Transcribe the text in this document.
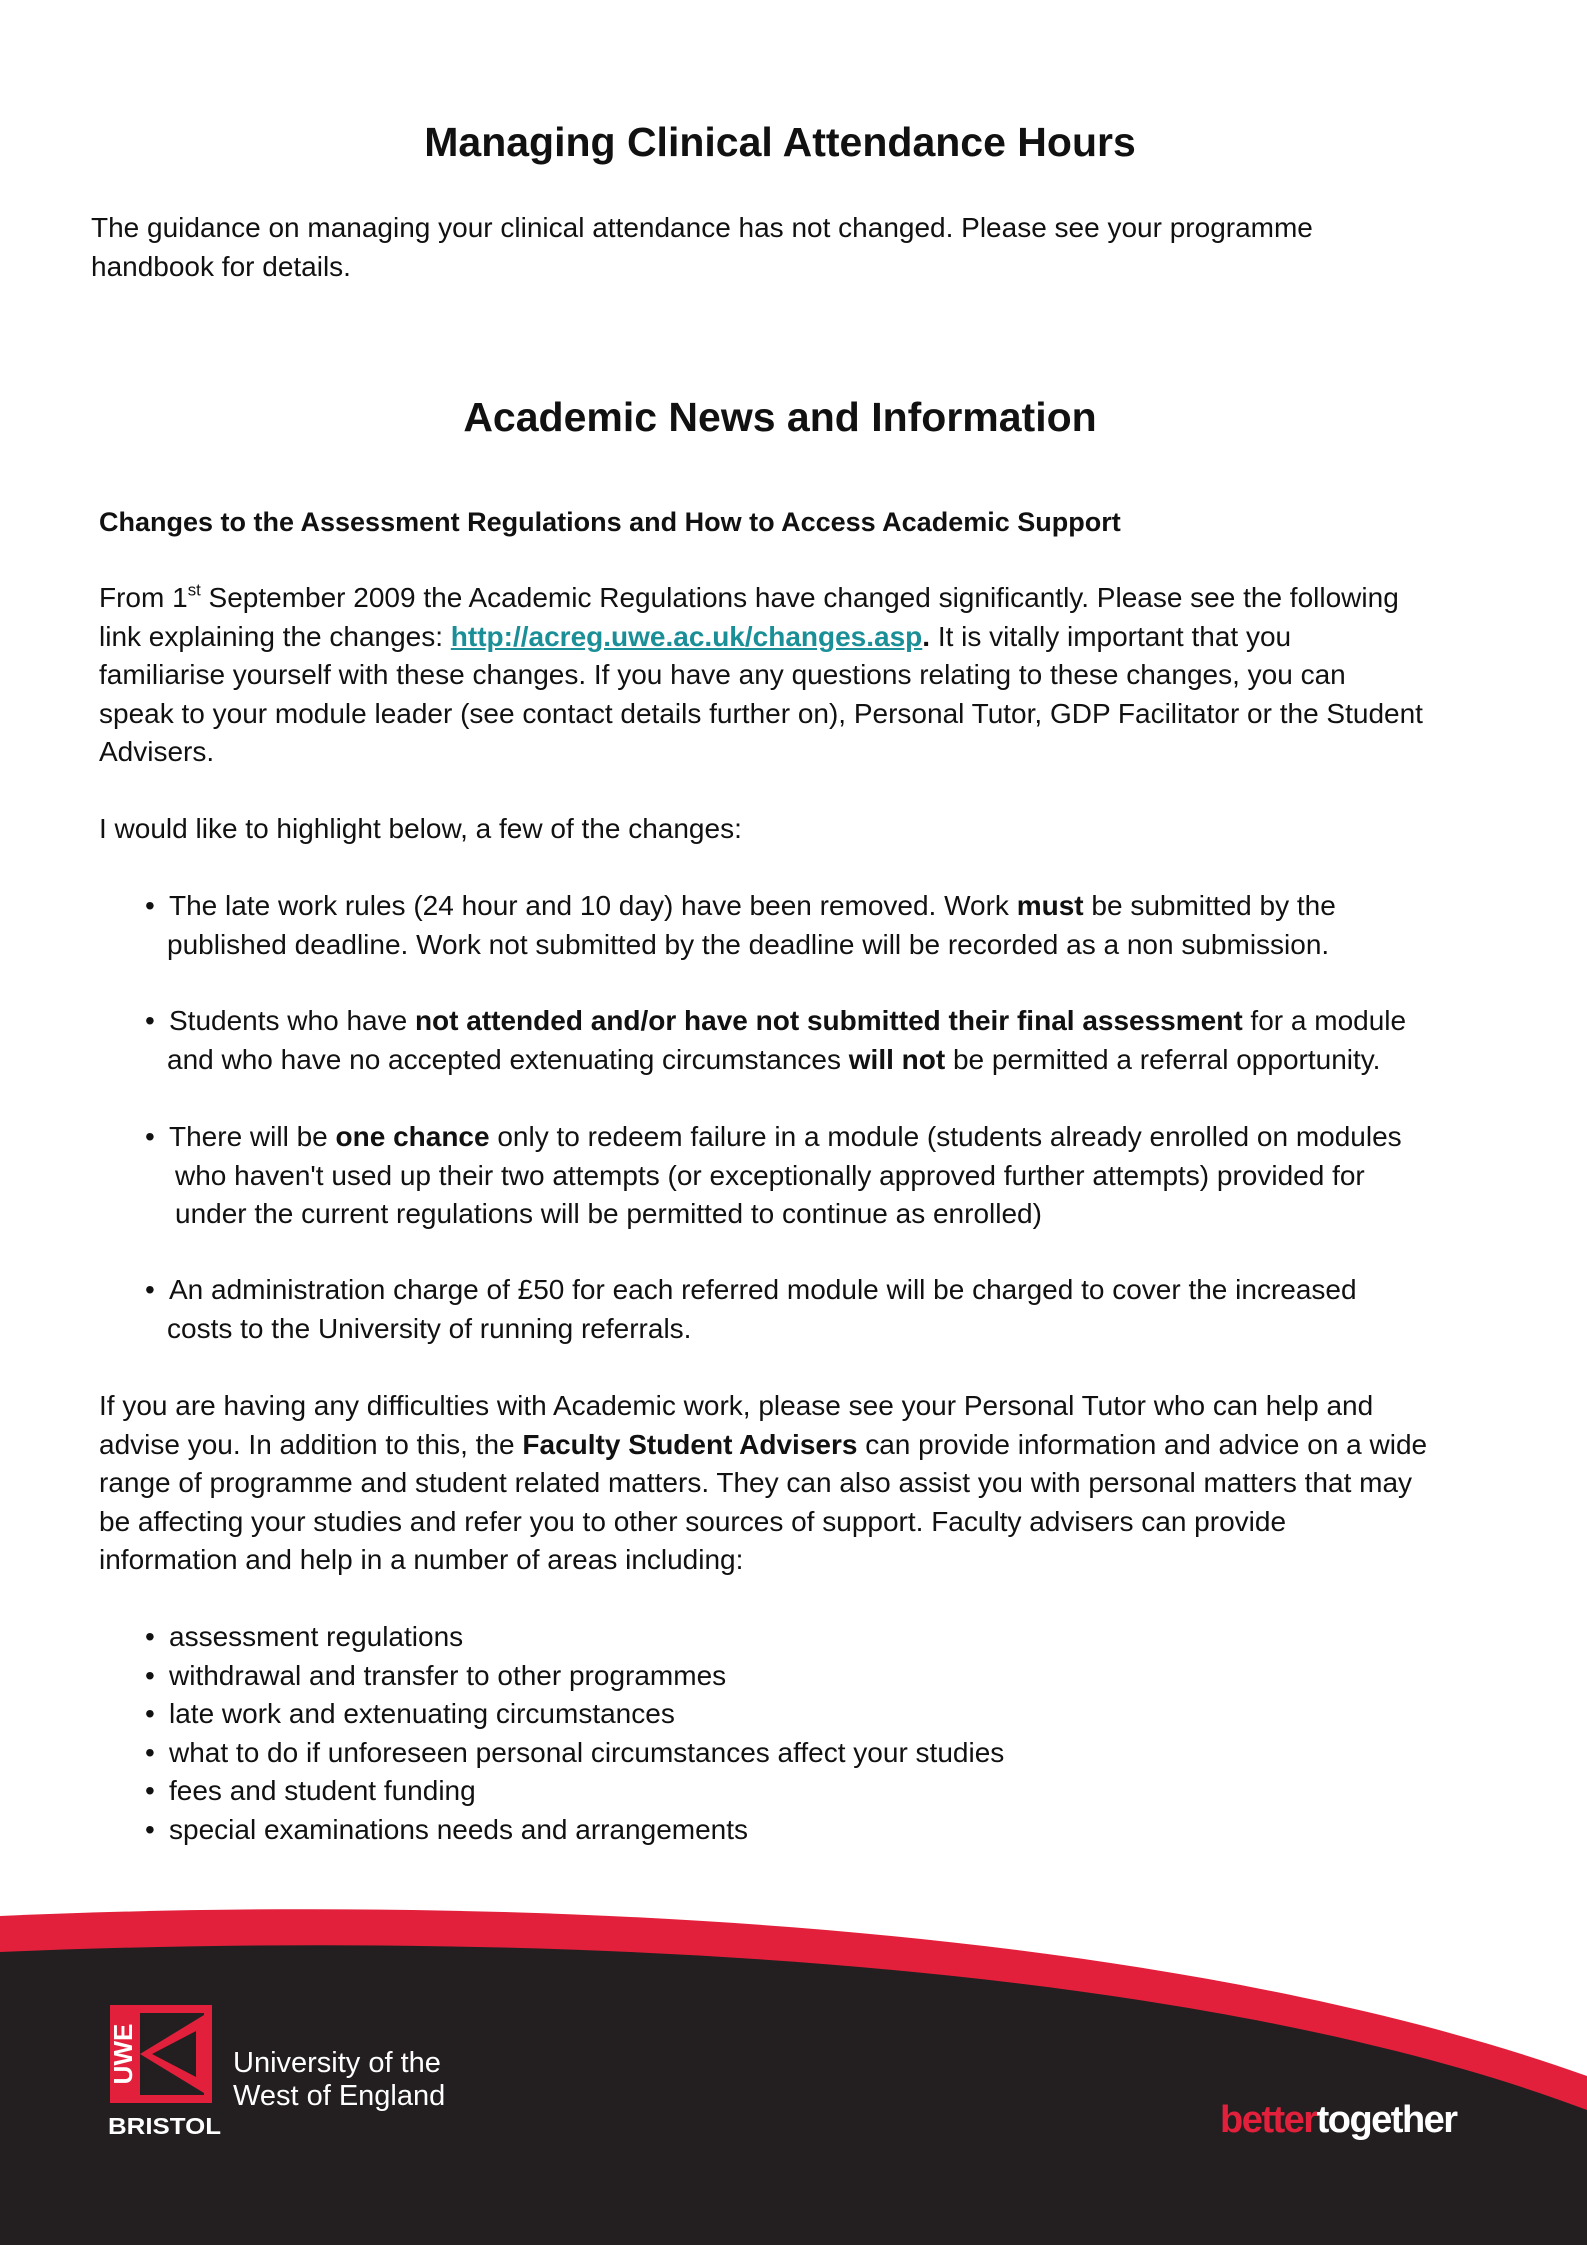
Managing Clinical Attendance Hours
The guidance on managing your clinical attendance has not changed. Please see your programme
handbook for details.
Academic News and Information
Changes to the Assessment Regulations and How to Access Academic Support
From 1st September 2009 the Academic Regulations have changed significantly. Please see the following
link explaining the changes: http://acreg.uwe.ac.uk/changes.asp. It is vitally important that you
familiarise yourself with these changes. If you have any questions relating to these changes, you can
speak to your module leader (see contact details further on), Personal Tutor, GDP Facilitator or the Student
Advisers.
I would like to highlight below, a few of the changes:
• The late work rules (24 hour and 10 day) have been removed. Work must be submitted by the
published deadline. Work not submitted by the deadline will be recorded as a non submission.
• Students who have not attended and/or have not submitted their final assessment for a module
and who have no accepted extenuating circumstances will not be permitted a referral opportunity.
• There will be one chance only to redeem failure in a module (students already enrolled on modules
who haven't used up their two attempts (or exceptionally approved further attempts) provided for
under the current regulations will be permitted to continue as enrolled)
• An administration charge of £50 for each referred module will be charged to cover the increased
costs to the University of running referrals.
If you are having any difficulties with Academic work, please see your Personal Tutor who can help and
advise you. In addition to this, the Faculty Student Advisers can provide information and advice on a wide
range of programme and student related matters. They can also assist you with personal matters that may
be affecting your studies and refer you to other sources of support. Faculty advisers can provide
information and help in a number of areas including:
• assessment regulations
• withdrawal and transfer to other programmes
• late work and extenuating circumstances
• what to do if unforeseen personal circumstances affect your studies
• fees and student funding
• special examinations needs and arrangements
UWE
BRISTOL
University of the
West of England
bettertogether
